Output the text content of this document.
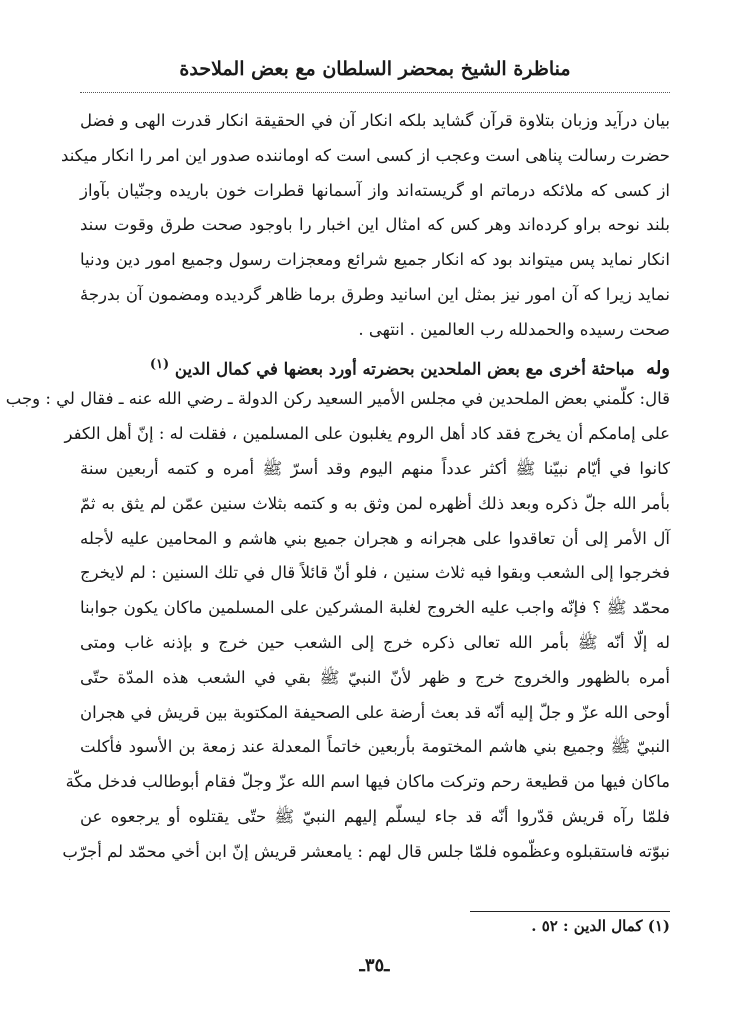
مناظرة الشيخ بمحضر السلطان مع بعض الملاحدة
بیان درآید وزبان بتلاوة قرآن گشاید بلکه انکار آن في الحقیقة انکار قدرت الهی و فضل
حضرت رسالت پناهی است وعجب از کسی است که اوماننده صدور این امر را انکار میکند
از کسی که ملائکه درماتم او گریسته‌اند واز آسمانها قطرات خون باریده وجنّیان بآواز
بلند نوحه براو کرده‌اند وهر کس که امثال این اخبار را باوجود صحت طرق وقوت سند
انکار نماید پس میتواند بود که انکار جمیع شرائع ومعجزات رسول وجمیع امور دین ودنیا
نماید زیرا که آن امور نیز بمثل این اسانید وطرق برما ظاهر گردیده ومضمون آن بدرجهٔ
صحت رسیده والحمدلله رب العالمین . انتهی .
وله مباحثة أخرى مع بعض الملحدين بحضرته أورد بعضها في كمال الدين $^{(١)}$
قال: كلّمني بعض الملحدين في مجلس الأمير السعيد ركن الدولة ـ رضي الله عنه ـ فقال لي : وجب
على إمامكم أن يخرج فقد كاد أهل الروم يغلبون على المسلمين ، فقلت له : إنّ أهل الكفر
كانوا في أيّام نبيّنا ﷺ أكثر عدداً منهم اليوم وقد أسرّ ﷺ أمره و كتمه أربعين سنة
بأمر الله جلّ ذكره وبعد ذلك أظهره لمن وثق به و كتمه بثلاث سنين عمّن لم يثق به ثمّ
آل الأمر إلى أن تعاقدوا على هجرانه و هجران جميع بني هاشم و المحامين عليه لأجله
فخرجوا إلى الشعب وبقوا فيه ثلاث سنين ، فلو أنّ قائلاً قال في تلك السنين : لم لايخرج
محمّد ﷺ ؟ فإنّه واجب عليه الخروج لغلبة المشركين على المسلمين ماكان يكون جوابنا
له إلّا أنّه ﷺ بأمر الله تعالى ذكره خرج إلى الشعب حين خرج و بإذنه غاب ومتى
أمره بالظهور والخروج خرج و ظهر لأنّ النبيّ ﷺ بقي في الشعب هذه المدّة حتّى
أوحى الله عزّ و جلّ إليه أنّه قد بعث أرضة على الصحيفة المكتوبة بين قريش في هجران
النبيّ ﷺ وجميع بني هاشم المختومة بأربعين خاتماً المعدلة عند زمعة بن الأسود فأكلت
ماكان فيها من قطيعة رحم وتركت ماكان فيها اسم الله عزّ وجلّ فقام أبوطالب فدخل مكّة
فلمّا رآه قريش قدّروا أنّه قد جاء ليسلّم إليهم النبيّ ﷺ حتّى يقتلوه أو يرجعوه عن
نبوّته فاستقبلوه وعظّموه فلمّا جلس قال لهم : يامعشر قريش إنّ ابن أخي محمّد لم أجرّب
(١) كمال الدين : ٥٢ .
ـ٣٥ـ
